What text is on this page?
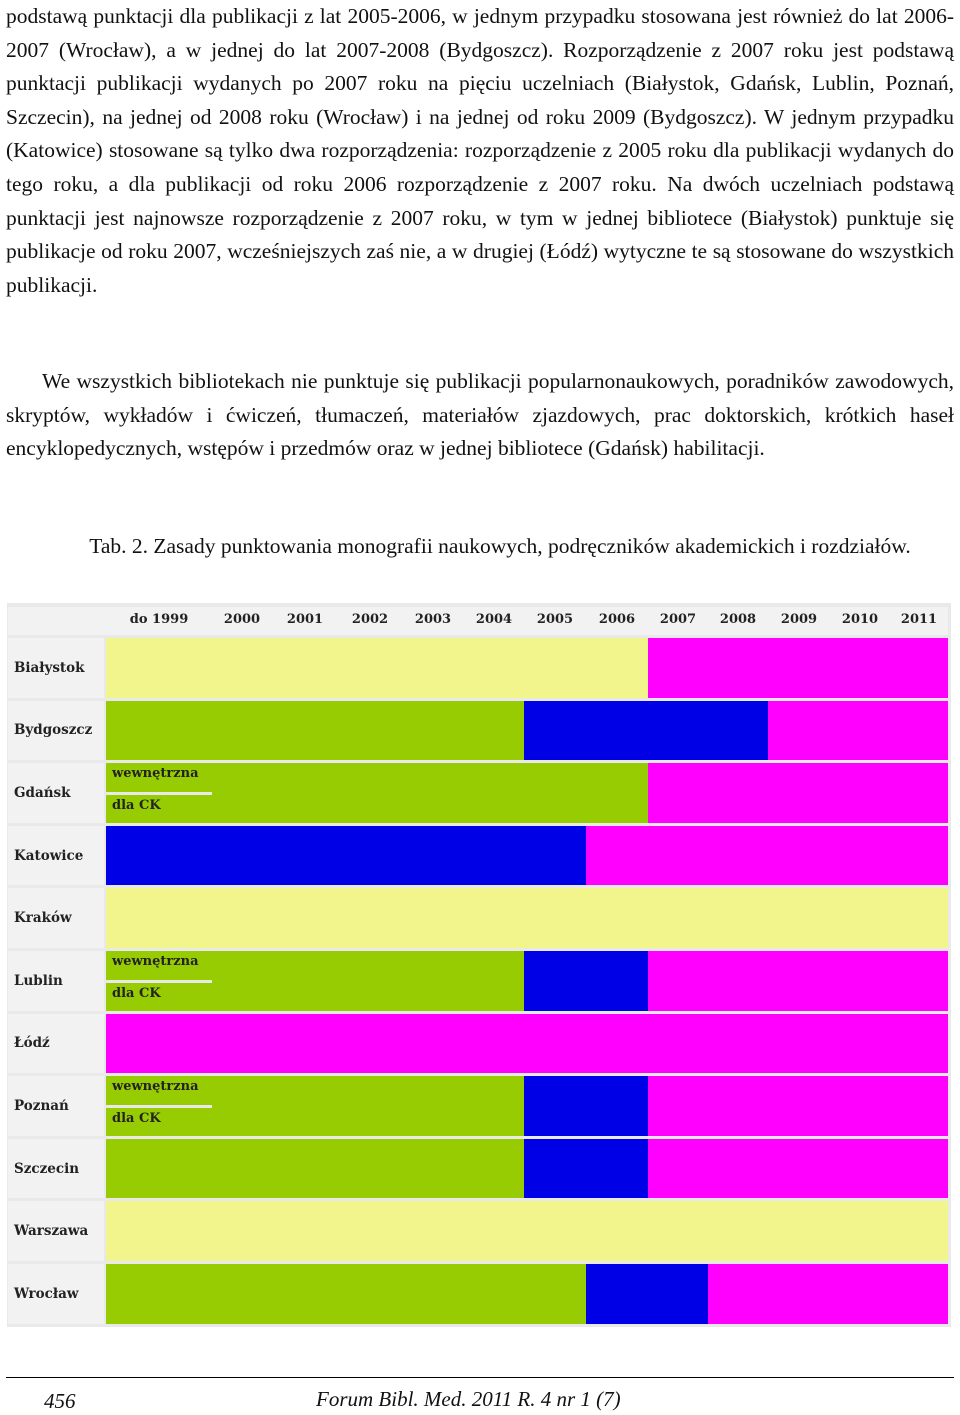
podstawą punktacji dla publikacji z lat 2005-2006, w jednym przypadku stosowana jest również do lat 2006-2007 (Wrocław), a w jednej do lat 2007-2008 (Bydgoszcz). Rozporządzenie z 2007 roku jest podstawą punktacji publikacji wydanych po 2007 roku na pięciu uczelniach (Białystok, Gdańsk, Lublin, Poznań, Szczecin), na jednej od 2008 roku (Wrocław) i na jednej od roku 2009 (Bydgoszcz). W jednym przypadku (Katowice) stosowane są tylko dwa rozporządzenia: rozporządzenie z 2005 roku dla publikacji wydanych do tego roku, a dla publikacji od roku 2006 rozporządzenie z 2007 roku. Na dwóch uczelniach podstawą punktacji jest najnowsze rozporządzenie z 2007 roku, w tym w jednej bibliotece (Białystok) punktuje się publikacje od roku 2007, wcześniejszych zaś nie, a w drugiej (Łódź) wytyczne te są stosowane do wszystkich publikacji.

We wszystkich bibliotekach nie punktuje się publikacji popularnonaukowych, poradników zawodowych, skryptów, wykładów i ćwiczeń, tłumaczeń, materiałów zjazdowych, prac doktorskich, krótkich haseł encyklopedycznych, wstępów i przedmów oraz w jednej bibliotece (Gdańsk) habilitacji.

Tab. 2. Zasady punktowania monografii naukowych, podręczników akademickich i rozdziałów.

do 1999	2000	2001	2002	2003	2004	2005	2006	2007	2008	2009	2010	2011
Białystok
Bydgoszcz
Gdańsk
wewnętrzna
dla CK
Katowice
Kraków
Lublin
wewnętrzna
dla CK
Łódź
Poznań
wewnętrzna
dla CK
Szczecin
Warszawa
Wrocław
456	Forum Bibl. Med. 2011 R. 4 nr 1 (7)
